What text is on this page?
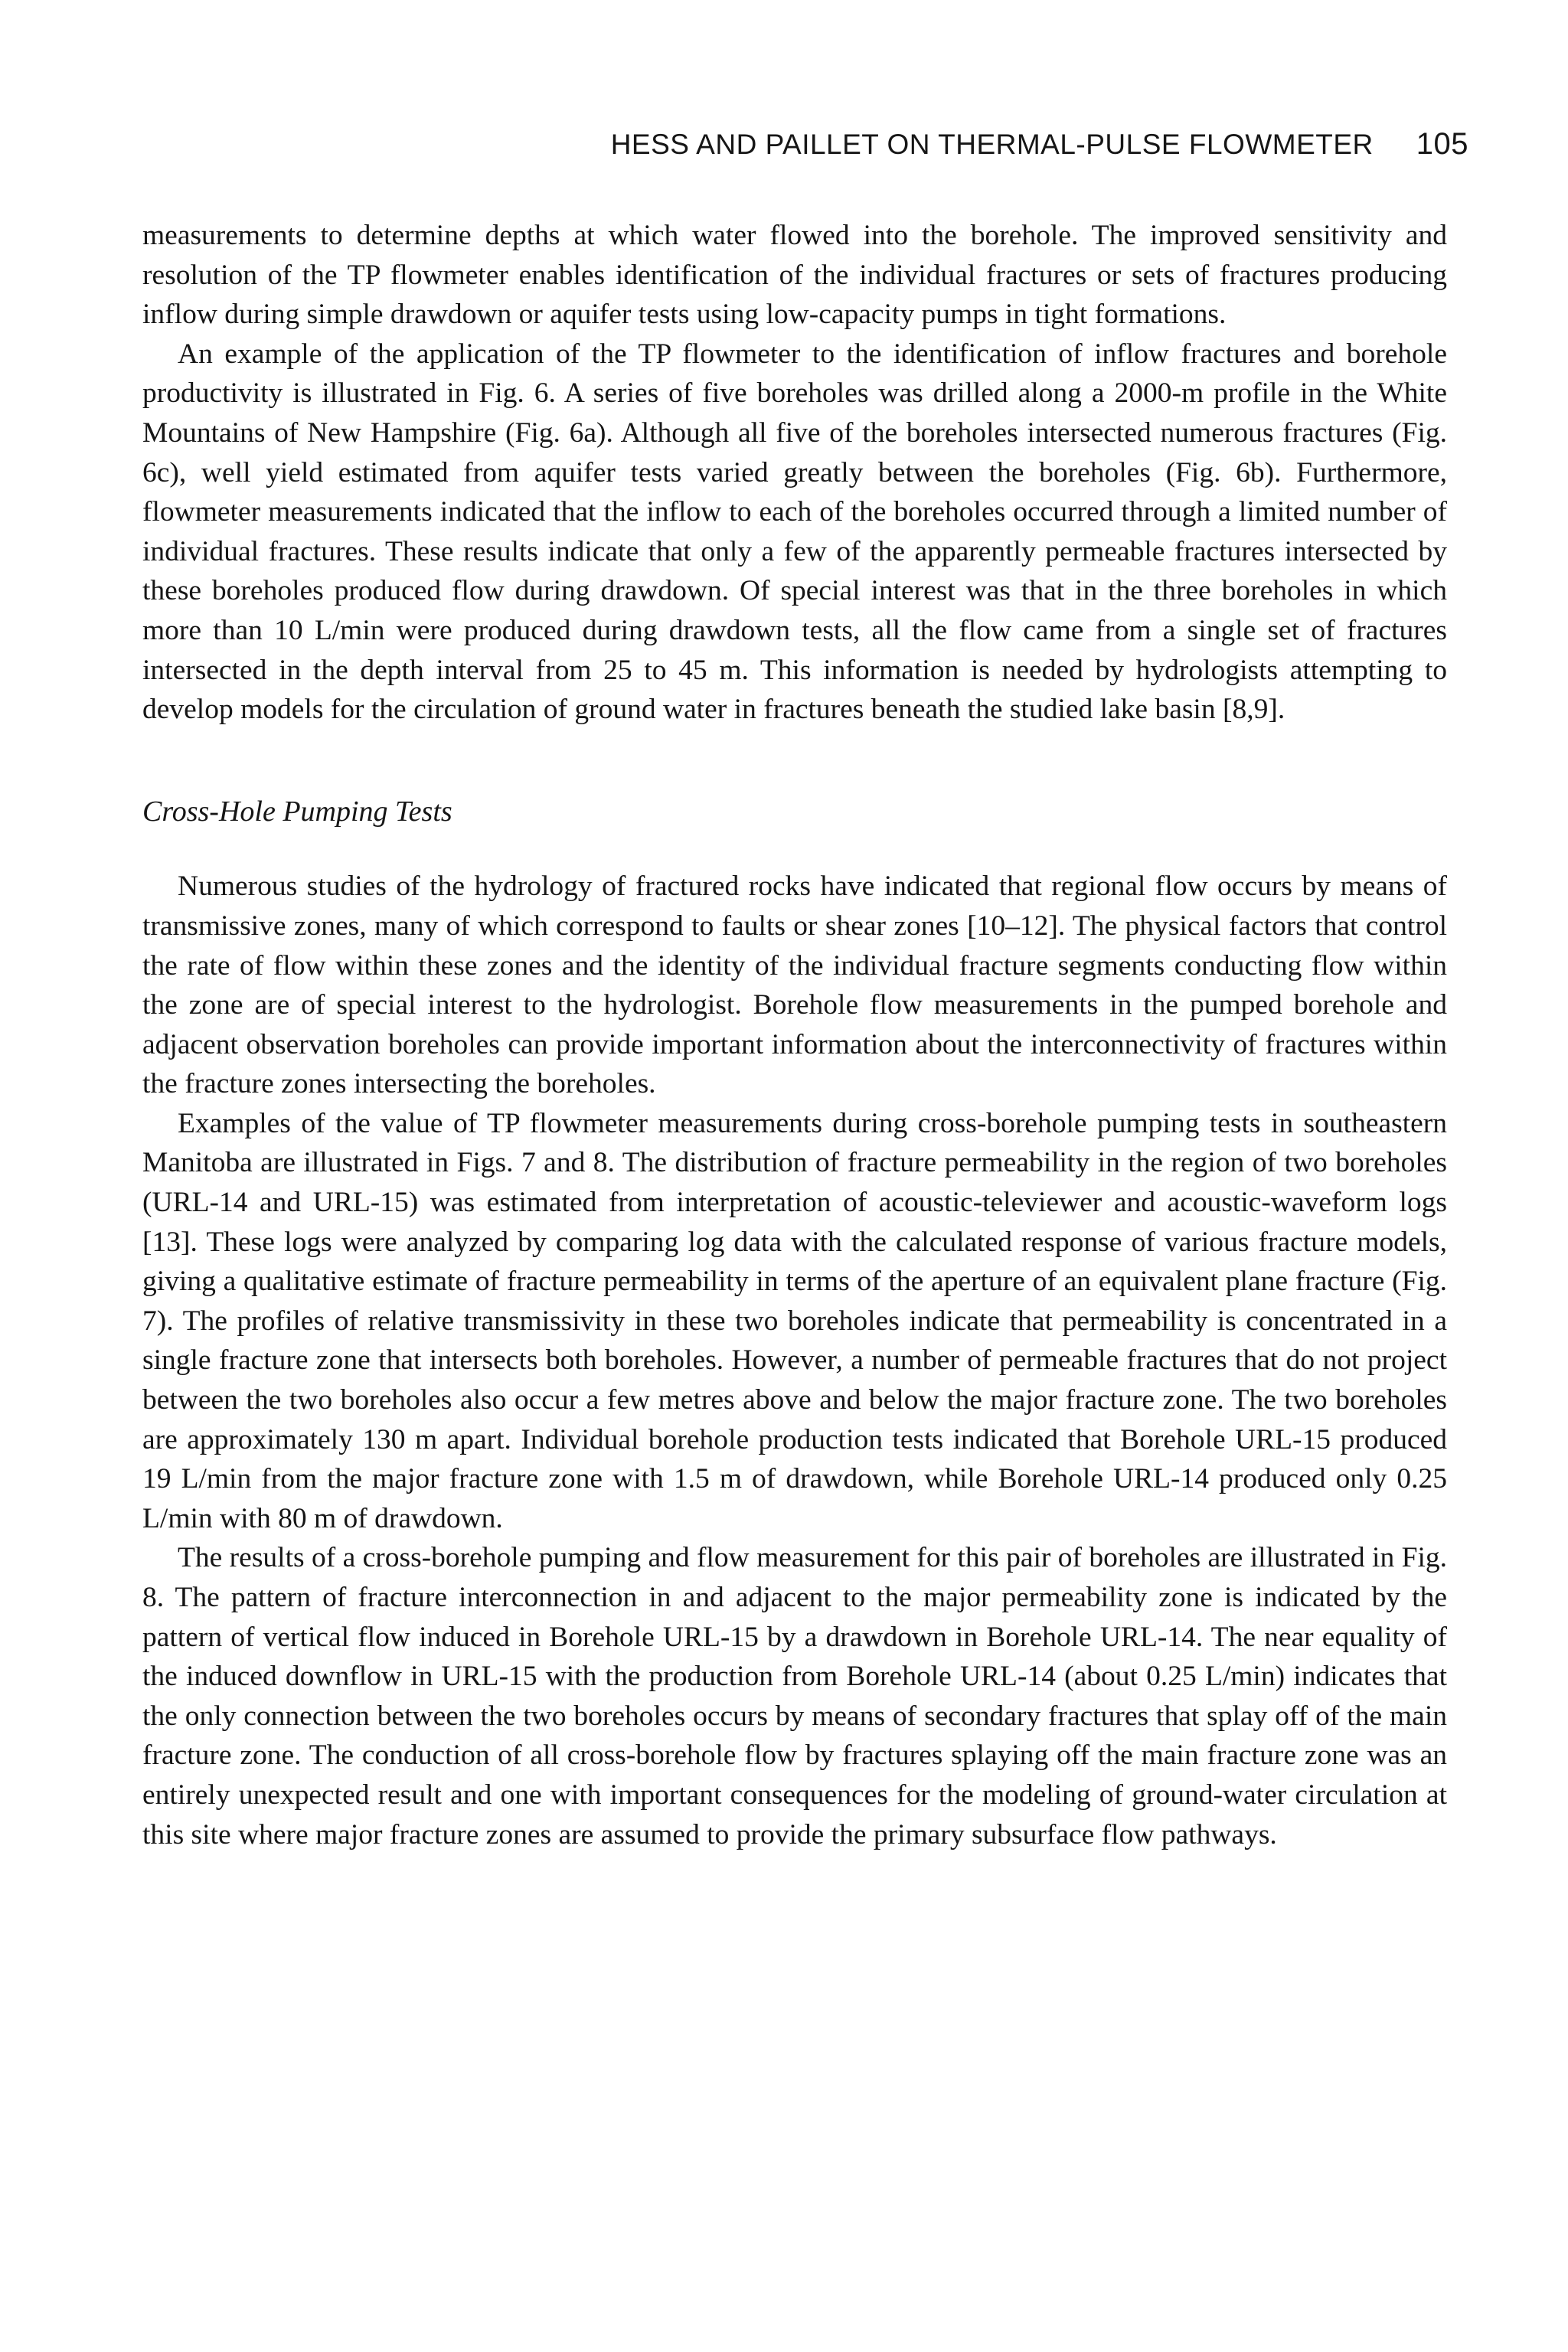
HESS AND PAILLET ON THERMAL-PULSE FLOWMETER 105

measurements to determine depths at which water flowed into the borehole. The improved sensitivity and resolution of the TP flowmeter enables identification of the individual fractures or sets of fractures producing inflow during simple drawdown or aquifer tests using low-capacity pumps in tight formations.

An example of the application of the TP flowmeter to the identification of inflow fractures and borehole productivity is illustrated in Fig. 6. A series of five boreholes was drilled along a 2000-m profile in the White Mountains of New Hampshire (Fig. 6a). Although all five of the boreholes intersected numerous fractures (Fig. 6c), well yield estimated from aquifer tests varied greatly between the boreholes (Fig. 6b). Furthermore, flowmeter measurements indicated that the inflow to each of the boreholes occurred through a limited number of individual fractures. These results indicate that only a few of the apparently permeable fractures intersected by these boreholes produced flow during drawdown. Of special interest was that in the three boreholes in which more than 10 L/min were produced during drawdown tests, all the flow came from a single set of fractures intersected in the depth interval from 25 to 45 m. This information is needed by hydrologists attempting to develop models for the circulation of ground water in fractures beneath the studied lake basin [8,9].

Cross-Hole Pumping Tests

Numerous studies of the hydrology of fractured rocks have indicated that regional flow occurs by means of transmissive zones, many of which correspond to faults or shear zones [10–12]. The physical factors that control the rate of flow within these zones and the identity of the individual fracture segments conducting flow within the zone are of special interest to the hydrologist. Borehole flow measurements in the pumped borehole and adjacent observation boreholes can provide important information about the interconnectivity of fractures within the fracture zones intersecting the boreholes.

Examples of the value of TP flowmeter measurements during cross-borehole pumping tests in southeastern Manitoba are illustrated in Figs. 7 and 8. The distribution of fracture permeability in the region of two boreholes (URL-14 and URL-15) was estimated from interpretation of acoustic-televiewer and acoustic-waveform logs [13]. These logs were analyzed by comparing log data with the calculated response of various fracture models, giving a qualitative estimate of fracture permeability in terms of the aperture of an equivalent plane fracture (Fig. 7). The profiles of relative transmissivity in these two boreholes indicate that permeability is concentrated in a single fracture zone that intersects both boreholes. However, a number of permeable fractures that do not project between the two boreholes also occur a few metres above and below the major fracture zone. The two boreholes are approximately 130 m apart. Individual borehole production tests indicated that Borehole URL-15 produced 19 L/min from the major fracture zone with 1.5 m of drawdown, while Borehole URL-14 produced only 0.25 L/min with 80 m of drawdown.

The results of a cross-borehole pumping and flow measurement for this pair of boreholes are illustrated in Fig. 8. The pattern of fracture interconnection in and adjacent to the major permeability zone is indicated by the pattern of vertical flow induced in Borehole URL-15 by a drawdown in Borehole URL-14. The near equality of the induced downflow in URL-15 with the production from Borehole URL-14 (about 0.25 L/min) indicates that the only connection between the two boreholes occurs by means of secondary fractures that splay off of the main fracture zone. The conduction of all cross-borehole flow by fractures splaying off the main fracture zone was an entirely unexpected result and one with important consequences for the modeling of ground-water circulation at this site where major fracture zones are assumed to provide the primary subsurface flow pathways.
